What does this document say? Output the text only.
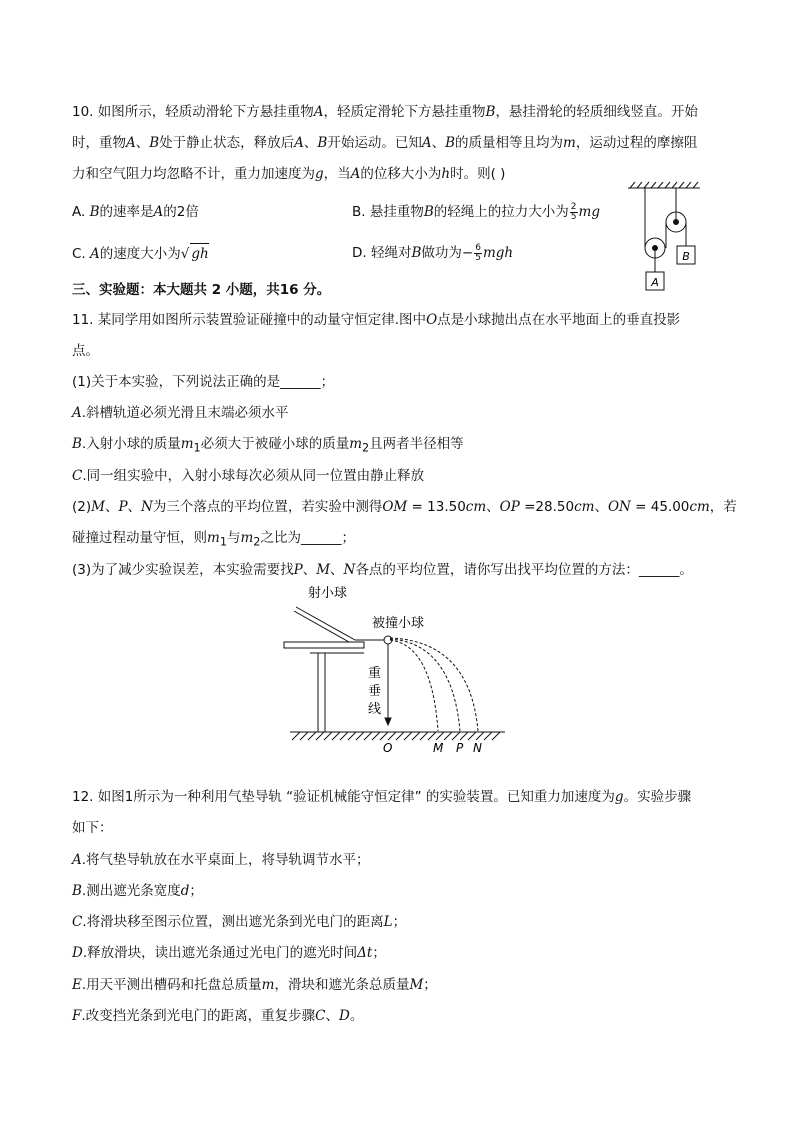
10. 如图所示，轻质动滑轮下方悬挂重物A，轻质定滑轮下方悬挂重物B，悬挂滑轮的轻质细线竖直。开始
时，重物A、B处于静止状态，释放后A、B开始运动。已知A、B的质量相等且均为m，运动过程的摩擦阻
力和空气阻力均忽略不计，重力加速度为g，当A的位移大小为h时。则( )
A. B的速率是A的2倍	B. 悬挂重物B的轻绳上的拉力大小为 $\frac{2}{5}$ mg
C. A的速度大小为√ gh	D. 轻绳对B做功为− $\frac{6}{5}$ mgh
A
B
三、实验题：本大题共 2 小题，共16 分。
11. 某同学用如图所示装置验证碰撞中的动量守恒定律.图中O点是小球抛出点在水平地面上的垂直投影
点。
(1)关于本实验，下列说法正确的是______；
A.斜槽轨道必须光滑且末端必须水平
B.入射小球的质量$m_1$必须大于被碰小球的质量$m_2$且两者半径相等
C.同一组实验中，入射小球每次必须从同一位置由静止释放
(2)M、P、N为三个落点的平均位置，若实验中测得OM = 13.50cm、OP =28.50cm、ON = 45.00cm，若
碰撞过程动量守恒，则$m_1$与$m_2$之比为______；
(3)为了减少实验误差，本实验需要找P、M、N各点的平均位置，请你写出找平均位置的方法：______。
射小球
被撞小球
重
垂
线
O	M P N
12. 如图1所示为一种利用气垫导轨 “验证机械能守恒定律” 的实验装置。已知重力加速度为g。实验步骤
如下：
A.将气垫导轨放在水平桌面上，将导轨调节水平；
B.测出遮光条宽度d；
C.将滑块移至图示位置，测出遮光条到光电门的距离L；
D.释放滑块，读出遮光条通过光电门的遮光时间Δt；
E.用天平测出槽码和托盘总质量m，滑块和遮光条总质量M；
F.改变挡光条到光电门的距离，重复步骤C、D。
